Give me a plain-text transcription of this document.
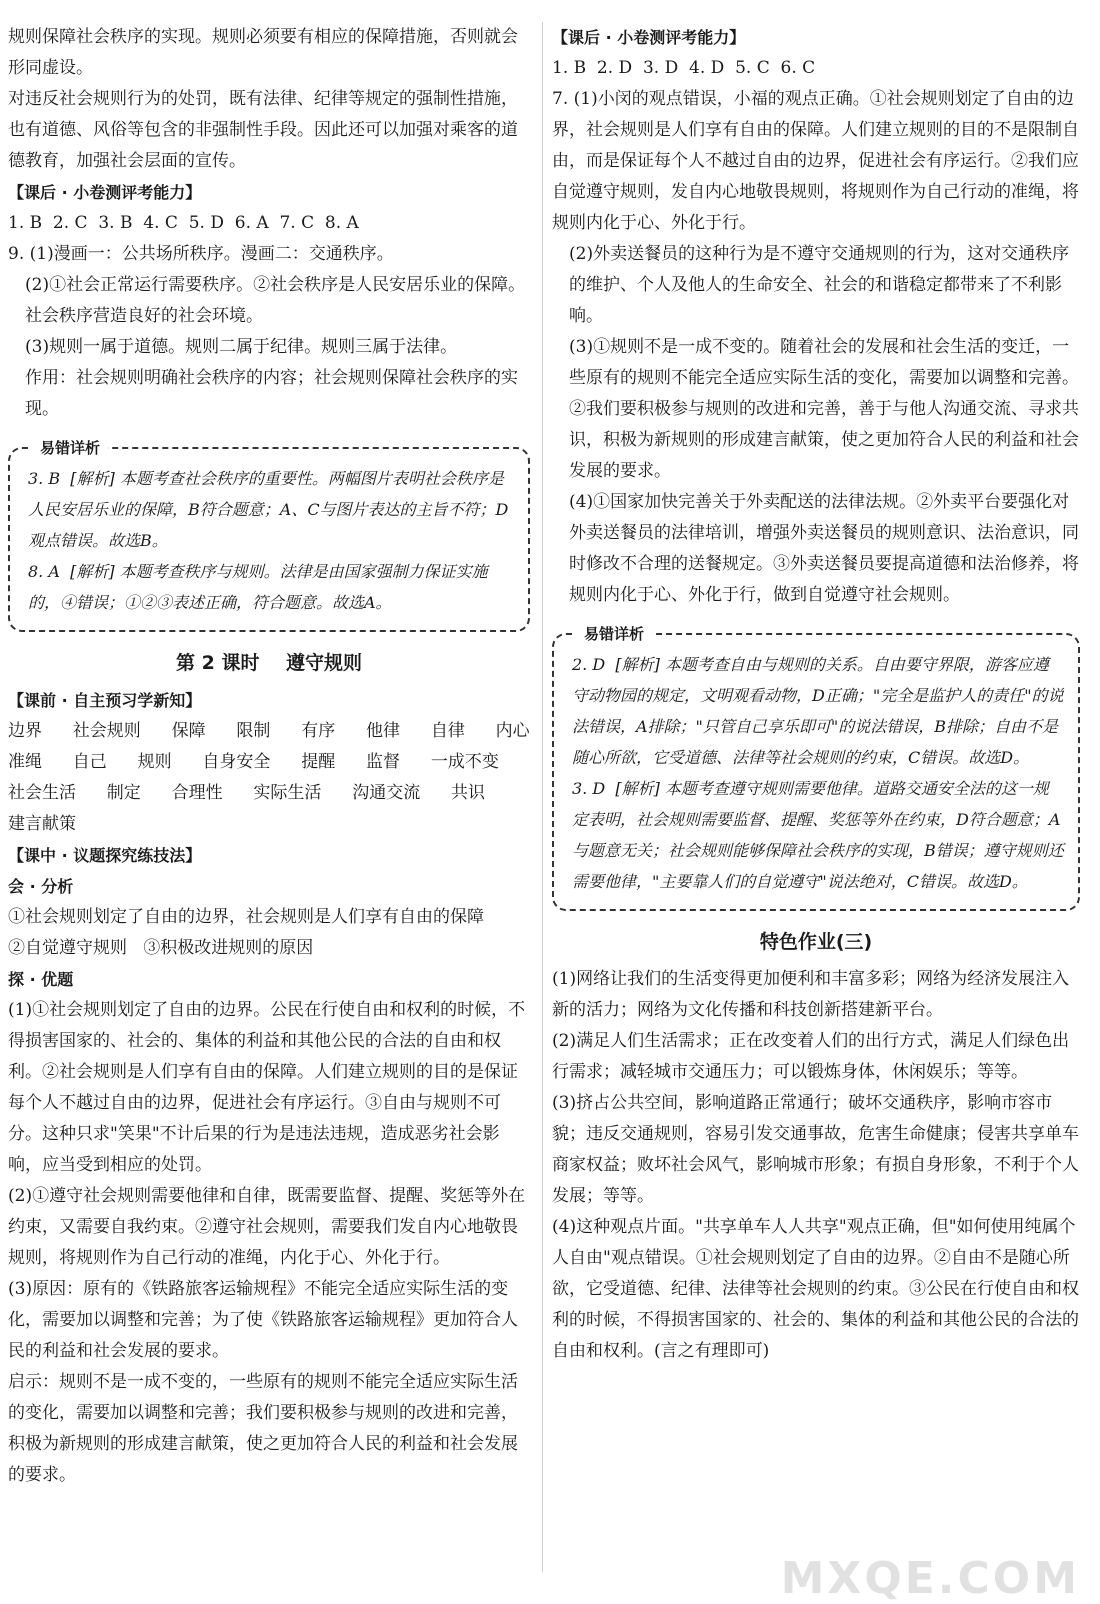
规则保障社会秩序的实现。规则必须要有相应的保障措施，否则就会形同虚设。

对违反社会规则行为的处罚，既有法律、纪律等规定的强制性措施，也有道德、风俗等包含的非强制性手段。因此还可以加强对乘客的道德教育，加强社会层面的宣传。

【课后 · 小卷测评考能力】

1. B  2. C  3. B  4. C  5. D  6. A  7. C  8. A

9. (1)漫画一：公共场所秩序。漫画二：交通秩序。

(2)①社会正常运行需要秩序。②社会秩序是人民安居乐业的保障。社会秩序营造良好的社会环境。

(3)规则一属于道德。规则二属于纪律。规则三属于法律。

作用：社会规则明确社会秩序的内容；社会规则保障社会秩序的实现。

易错详析

3. B  [解析] 本题考查社会秩序的重要性。两幅图片表明社会秩序是人民安居乐业的保障，B符合题意；A、C与图片表达的主旨不符；D观点错误。故选B。

8. A  [解析] 本题考查秩序与规则。法律是由国家强制力保证实施的，④错误；①②③表述正确，符合题意。故选A。

第 2 课时    遵守规则

【课前 · 自主预习学新知】

边界  社会规则  保障  限制  有序  他律  自律  内心

准绳  自己  规则  自身安全  提醒  监督  一成不变

社会生活  制定  合理性  实际生活  沟通交流  共识

建言献策

【课中 · 议题探究练技法】

会 · 分析

①社会规则划定了自由的边界，社会规则是人们享有自由的保障

②自觉遵守规则   ③积极改进规则的原因

探 · 优题

(1)①社会规则划定了自由的边界。公民在行使自由和权利的时候，不得损害国家的、社会的、集体的利益和其他公民的合法的自由和权利。②社会规则是人们享有自由的保障。人们建立规则的目的是保证每个人不越过自由的边界，促进社会有序运行。③自由与规则不可分。这种只求"笑果"不计后果的行为是违法违规，造成恶劣社会影响，应当受到相应的处罚。

(2)①遵守社会规则需要他律和自律，既需要监督、提醒、奖惩等外在约束，又需要自我约束。②遵守社会规则，需要我们发自内心地敬畏规则，将规则作为自己行动的准绳，内化于心、外化于行。

(3)原因：原有的《铁路旅客运输规程》不能完全适应实际生活的变化，需要加以调整和完善；为了使《铁路旅客运输规程》更加符合人民的利益和社会发展的要求。

启示：规则不是一成不变的，一些原有的规则不能完全适应实际生活的变化，需要加以调整和完善；我们要积极参与规则的改进和完善，积极为新规则的形成建言献策，使之更加符合人民的利益和社会发展的要求。

【课后 · 小卷测评考能力】

1. B  2. D  3. D  4. D  5. C  6. C

7. (1)小闵的观点错误，小福的观点正确。①社会规则划定了自由的边界，社会规则是人们享有自由的保障。人们建立规则的目的不是限制自由，而是保证每个人不越过自由的边界，促进社会有序运行。②我们应自觉遵守规则，发自内心地敬畏规则，将规则作为自己行动的准绳，将规则内化于心、外化于行。

(2)外卖送餐员的这种行为是不遵守交通规则的行为，这对交通秩序的维护、个人及他人的生命安全、社会的和谐稳定都带来了不利影响。

(3)①规则不是一成不变的。随着社会的发展和社会生活的变迁，一些原有的规则不能完全适应实际生活的变化，需要加以调整和完善。②我们要积极参与规则的改进和完善，善于与他人沟通交流、寻求共识，积极为新规则的形成建言献策，使之更加符合人民的利益和社会发展的要求。

(4)①国家加快完善关于外卖配送的法律法规。②外卖平台要强化对外卖送餐员的法律培训，增强外卖送餐员的规则意识、法治意识，同时修改不合理的送餐规定。③外卖送餐员要提高道德和法治修养，将规则内化于心、外化于行，做到自觉遵守社会规则。

易错详析

2. D  [解析] 本题考查自由与规则的关系。自由要守界限，游客应遵守动物园的规定，文明观看动物，D正确；"完全是监护人的责任"的说法错误，A排除；"只管自己享乐即可"的说法错误，B排除；自由不是随心所欲，它受道德、法律等社会规则的约束，C错误。故选D。

3. D  [解析] 本题考查遵守规则需要他律。道路交通安全法的这一规定表明，社会规则需要监督、提醒、奖惩等外在约束，D符合题意；A与题意无关；社会规则能够保障社会秩序的实现，B错误；遵守规则还需要他律，"主要靠人们的自觉遵守"说法绝对，C错误。故选D。

特色作业(三)

(1)网络让我们的生活变得更加便利和丰富多彩；网络为经济发展注入新的活力；网络为文化传播和科技创新搭建新平台。

(2)满足人们生活需求；正在改变着人们的出行方式，满足人们绿色出行需求；减轻城市交通压力；可以锻炼身体，休闲娱乐；等等。

(3)挤占公共空间，影响道路正常通行；破坏交通秩序，影响市容市貌；违反交通规则，容易引发交通事故，危害生命健康；侵害共享单车商家权益；败坏社会风气，影响城市形象；有损自身形象，不利于个人发展；等等。

(4)这种观点片面。"共享单车人人共享"观点正确，但"如何使用纯属个人自由"观点错误。①社会规则划定了自由的边界。②自由不是随心所欲，它受道德、纪律、法律等社会规则的约束。③公民在行使自由和权利的时候，不得损害国家的、社会的、集体的利益和其他公民的合法的自由和权利。(言之有理即可)

MXQE.COM
